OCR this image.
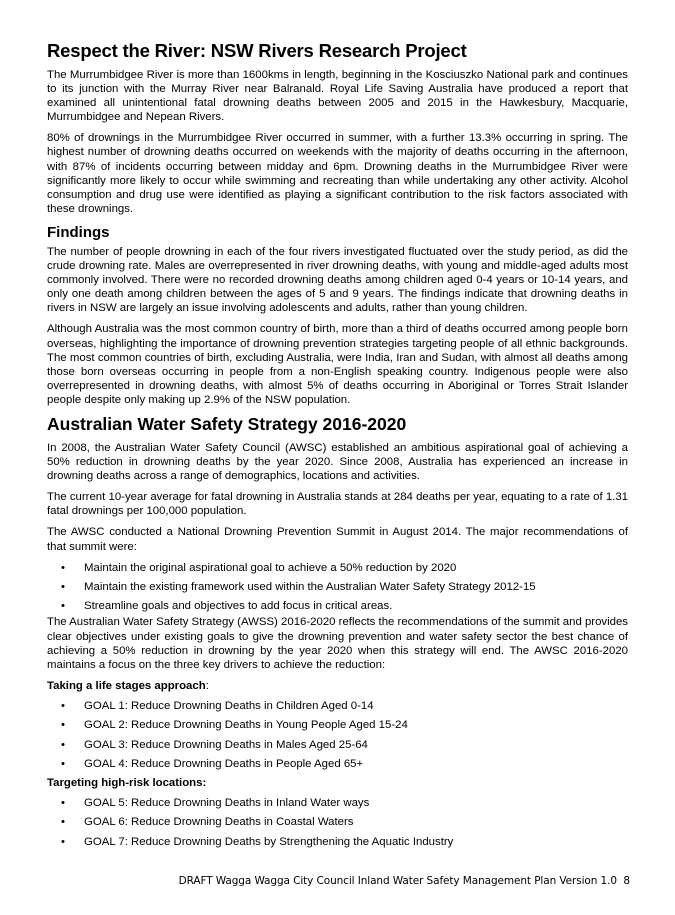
Respect the River: NSW Rivers Research Project

The Murrumbidgee River is more than 1600kms in length, beginning in the Kosciuszko National park and continues to its junction with the Murray River near Balranald. Royal Life Saving Australia have produced a report that examined all unintentional fatal drowning deaths between 2005 and 2015 in the Hawkesbury, Macquarie, Murrumbidgee and Nepean Rivers.

80% of drownings in the Murrumbidgee River occurred in summer, with a further 13.3% occurring in spring. The highest number of drowning deaths occurred on weekends with the majority of deaths occurring in the afternoon, with 87% of incidents occurring between midday and 6pm. Drowning deaths in the Murrumbidgee River were significantly more likely to occur while swimming and recreating than while undertaking any other activity. Alcohol consumption and drug use were identified as playing a significant contribution to the risk factors associated with these drownings.

Findings

The number of people drowning in each of the four rivers investigated fluctuated over the study period, as did the crude drowning rate. Males are overrepresented in river drowning deaths, with young and middle-aged adults most commonly involved. There were no recorded drowning deaths among children aged 0-4 years or 10-14 years, and only one death among children between the ages of 5 and 9 years. The findings indicate that drowning deaths in rivers in NSW are largely an issue involving adolescents and adults, rather than young children.

Although Australia was the most common country of birth, more than a third of deaths occurred among people born overseas, highlighting the importance of drowning prevention strategies targeting people of all ethnic backgrounds. The most common countries of birth, excluding Australia, were India, Iran and Sudan, with almost all deaths among those born overseas occurring in people from a non-English speaking country. Indigenous people were also overrepresented in drowning deaths, with almost 5% of deaths occurring in Aboriginal or Torres Strait Islander people despite only making up 2.9% of the NSW population.

Australian Water Safety Strategy 2016-2020

In 2008, the Australian Water Safety Council (AWSC) established an ambitious aspirational goal of achieving a 50% reduction in drowning deaths by the year 2020. Since 2008, Australia has experienced an increase in drowning deaths across a range of demographics, locations and activities.

The current 10-year average for fatal drowning in Australia stands at 284 deaths per year, equating to a rate of 1.31 fatal drownings per 100,000 population.

The AWSC conducted a National Drowning Prevention Summit in August 2014. The major recommendations of that summit were:

• Maintain the original aspirational goal to achieve a 50% reduction by 2020
• Maintain the existing framework used within the Australian Water Safety Strategy 2012-15
• Streamline goals and objectives to add focus in critical areas.

The Australian Water Safety Strategy (AWSS) 2016-2020 reflects the recommendations of the summit and provides clear objectives under existing goals to give the drowning prevention and water safety sector the best chance of achieving a 50% reduction in drowning by the year 2020 when this strategy will end. The AWSC 2016-2020 maintains a focus on the three key drivers to achieve the reduction:

Taking a life stages approach:
• GOAL 1: Reduce Drowning Deaths in Children Aged 0-14
• GOAL 2: Reduce Drowning Deaths in Young People Aged 15-24
• GOAL 3: Reduce Drowning Deaths in Males Aged 25-64
• GOAL 4: Reduce Drowning Deaths in People Aged 65+
Targeting high-risk locations:
• GOAL 5: Reduce Drowning Deaths in Inland Water ways
• GOAL 6: Reduce Drowning Deaths in Coastal Waters
• GOAL 7: Reduce Drowning Deaths by Strengthening the Aquatic Industry
DRAFT Wagga Wagga City Council Inland Water Safety Management Plan Version 1.0 8
